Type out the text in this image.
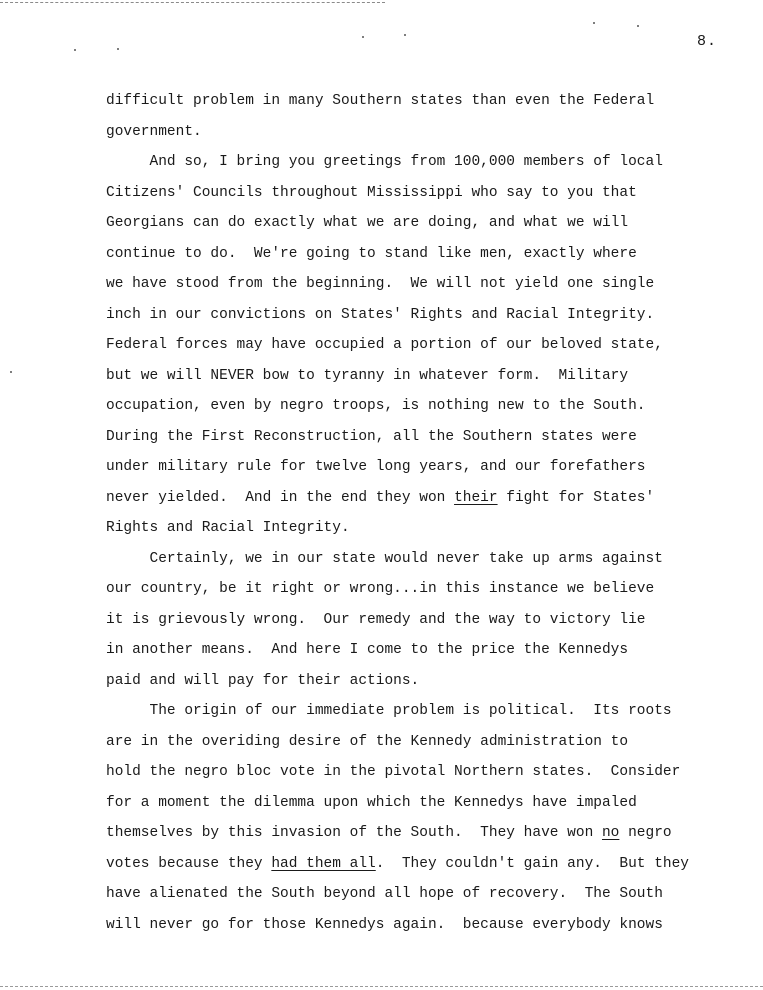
8.
difficult problem in many Southern states than even the Federal
government.
And so, I bring you greetings from 100,000 members of local
Citizens' Councils throughout Mississippi who say to you that
Georgians can do exactly what we are doing, and what we will
continue to do.  We're going to stand like men, exactly where
we have stood from the beginning.  We will not yield one single
inch in our convictions on States' Rights and Racial Integrity.
Federal forces may have occupied a portion of our beloved state,
but we will NEVER bow to tyranny in whatever form.  Military
occupation, even by negro troops, is nothing new to the South.
During the First Reconstruction, all the Southern states were
under military rule for twelve long years, and our forefathers
never yielded.  And in the end they won their fight for States'
Rights and Racial Integrity.
Certainly, we in our state would never take up arms against
our country, be it right or wrong...in this instance we believe
it is grievously wrong.  Our remedy and the way to victory lie
in another means.  And here I come to the price the Kennedys
paid and will pay for their actions.
The origin of our immediate problem is political.  Its roots
are in the overiding desire of the Kennedy administration to
hold the negro bloc vote in the pivotal Northern states.  Consider
for a moment the dilemma upon which the Kennedys have impaled
themselves by this invasion of the South.  They have won no negro
votes because they had them all.  They couldn't gain any.  But they
have alienated the South beyond all hope of recovery.  The South
will never go for those Kennedys again.  because everybody knows
